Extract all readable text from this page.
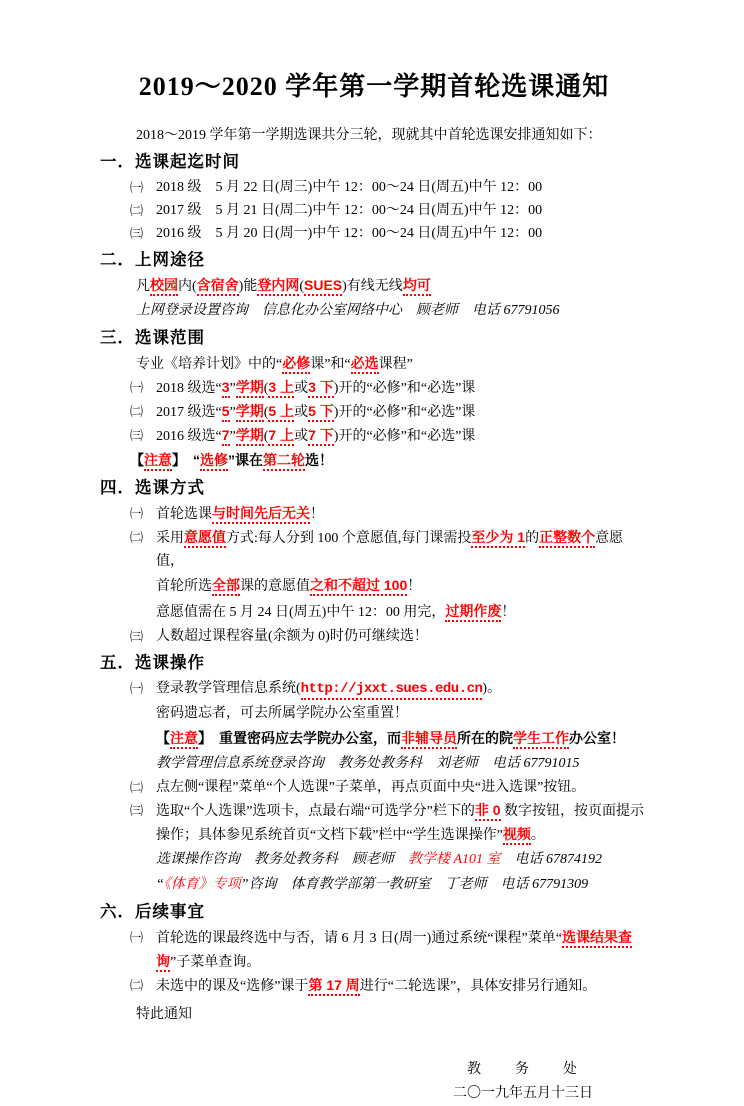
2019～2020 学年第一学期首轮选课通知

2018～2019 学年第一学期选课共分三轮，现就其中首轮选课安排通知如下：

一．选课起迄时间
㈠ 2018 级　5 月 22 日(周三)中午 12：00～24 日(周五)中午 12：00
㈡ 2017 级　5 月 21 日(周二)中午 12：00～24 日(周五)中午 12：00
㈢ 2016 级　5 月 20 日(周一)中午 12：00～24 日(周五)中午 12：00
二．上网途径
凡校园内(含宿舍)能登内网(SUES)有线无线均可
上网登录设置咨询　信息化办公室网络中心　顾老师　电话 67791056
三．选课范围
专业《培养计划》中的“必修课”和“必选课程”
㈠ 2018 级选“3”学期(3 上或3 下)开的“必修”和“必选”课
㈡ 2017 级选“5”学期(5 上或5 下)开的“必修”和“必选”课
㈢ 2016 级选“7”学期(7 上或7 下)开的“必修”和“必选”课
【注意】　“选修”课在第二轮选！
四．选课方式
㈠ 首轮选课与时间先后无关！
㈡ 采用意愿值方式:每人分到 100 个意愿值,每门课需投至少为 1的正整数个意愿值，
首轮所选全部课的意愿值之和不超过 100！
意愿值需在 5 月 24 日(周五)中午 12：00 用完，过期作废！
㈢ 人数超过课程容量(余额为 0)时仍可继续选！
五．选课操作
㈠ 登录教学管理信息系统(http://jxxt.sues.edu.cn)。
密码遗忘者，可去所属学院办公室重置！
【注意】　重置密码应去学院办公室，而非辅导员所在的院学生工作办公室！
教学管理信息系统登录咨询　教务处教务科　刘老师　电话 67791015
㈡ 点左侧“课程”菜单“个人选课”子菜单，再点页面中央“进入选课”按钮。
㈢ 选取“个人选课”选项卡，点最右端“可选学分”栏下的非 0 数字按钮，按页面提示操作；具体参见系统首页“文档下载”栏中“学生选课操作”视频。
选课操作咨询　教务处教务科　顾老师　教学楼 A101 室　电话 67874192
“《体育》专项”咨询　体育教学部第一教研室　丁老师　电话 67791309
六．后续事宜
㈠ 首轮选的课最终选中与否，请 6 月 3 日(周一)通过系统“课程”菜单“选课结果查询”子菜单查询。
㈡ 未选中的课及“选修”课于第 17 周进行“二轮选课”，具体安排另行通知。

特此通知

教　　务　　处
二〇一九年五月十三日
